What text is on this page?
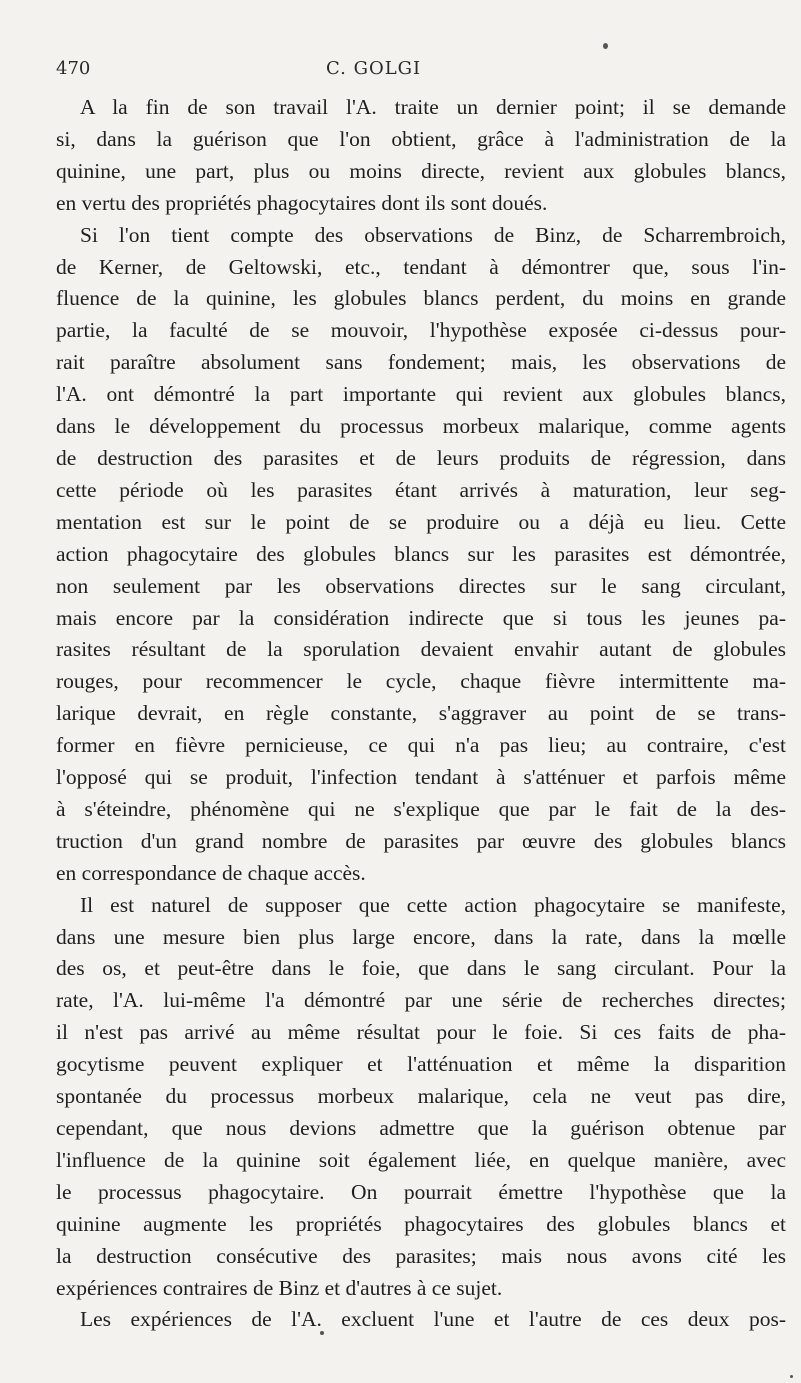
470	C. GOLGI

A la fin de son travail l'A. traite un dernier point; il se demande
si, dans la guérison que l'on obtient, grâce à l'administration de la
quinine, une part, plus ou moins directe, revient aux globules blancs,
en vertu des propriétés phagocytaires dont ils sont doués.

Si l'on tient compte des observations de Binz, de Scharrembroich,
de Kerner, de Geltowski, etc., tendant à démontrer que, sous l'in-
fluence de la quinine, les globules blancs perdent, du moins en grande
partie, la faculté de se mouvoir, l'hypothèse exposée ci-dessus pour-
rait paraître absolument sans fondement; mais, les observations de
l'A. ont démontré la part importante qui revient aux globules blancs,
dans le développement du processus morbeux malarique, comme agents
de destruction des parasites et de leurs produits de régression, dans
cette période où les parasites étant arrivés à maturation, leur seg-
mentation est sur le point de se produire ou a déjà eu lieu. Cette
action phagocytaire des globules blancs sur les parasites est démontrée,
non seulement par les observations directes sur le sang circulant,
mais encore par la considération indirecte que si tous les jeunes pa-
rasites résultant de la sporulation devaient envahir autant de globules
rouges, pour recommencer le cycle, chaque fièvre intermittente ma-
larique devrait, en règle constante, s'aggraver au point de se trans-
former en fièvre pernicieuse, ce qui n'a pas lieu; au contraire, c'est
l'opposé qui se produit, l'infection tendant à s'atténuer et parfois même
à s'éteindre, phénomène qui ne s'explique que par le fait de la des-
truction d'un grand nombre de parasites par œuvre des globules blancs
en correspondance de chaque accès.

Il est naturel de supposer que cette action phagocytaire se manifeste,
dans une mesure bien plus large encore, dans la rate, dans la mœlle
des os, et peut-être dans le foie, que dans le sang circulant. Pour la
rate, l'A. lui-même l'a démontré par une série de recherches directes;
il n'est pas arrivé au même résultat pour le foie. Si ces faits de pha-
gocytisme peuvent expliquer et l'atténuation et même la disparition
spontanée du processus morbeux malarique, cela ne veut pas dire,
cependant, que nous devions admettre que la guérison obtenue par
l'influence de la quinine soit également liée, en quelque manière, avec
le processus phagocytaire. On pourrait émettre l'hypothèse que la
quinine augmente les propriétés phagocytaires des globules blancs et
la destruction consécutive des parasites; mais nous avons cité les
expériences contraires de Binz et d'autres à ce sujet.

Les expériences de l'A. excluent l'une et l'autre de ces deux pos-
